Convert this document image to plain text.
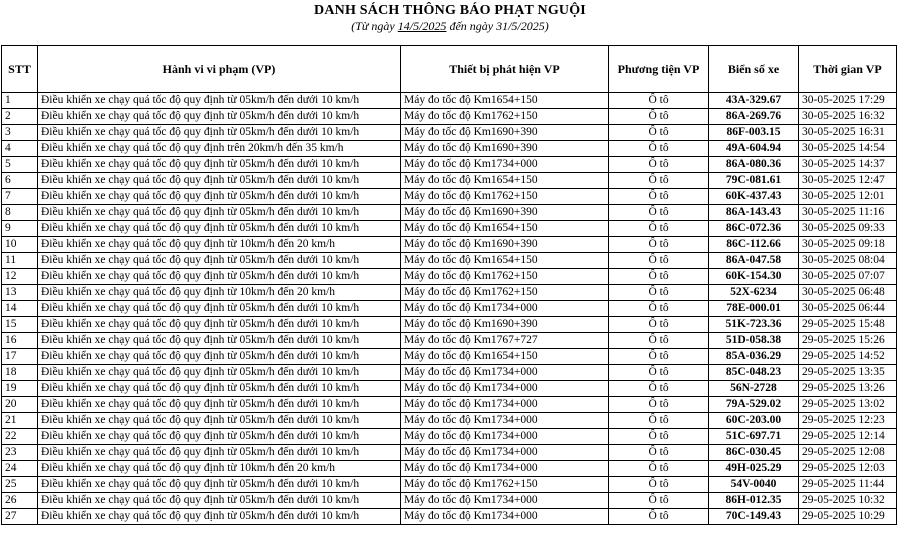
DANH SÁCH THÔNG BÁO PHẠT NGUỘI
(Từ ngày 14/5/2025 đến ngày 31/5/2025)
STT	Hành vi vi phạm (VP)	Thiết bị phát hiện VP	Phương tiện VP	Biển số xe	Thời gian VP
1	Điều khiển xe chạy quá tốc độ quy định từ 05km/h đến dưới 10 km/h	Máy đo tốc độ Km1654+150	Ô tô	43A-329.67	30-05-2025 17:29
2	Điều khiển xe chạy quá tốc độ quy định từ 05km/h đến dưới 10 km/h	Máy đo tốc độ Km1762+150	Ô tô	86A-269.76	30-05-2025 16:32
3	Điều khiển xe chạy quá tốc độ quy định từ 05km/h đến dưới 10 km/h	Máy đo tốc độ Km1690+390	Ô tô	86F-003.15	30-05-2025 16:31
4	Điều khiển xe chạy quá tốc độ quy định trên 20km/h đến 35 km/h	Máy đo tốc độ Km1690+390	Ô tô	49A-604.94	30-05-2025 14:54
5	Điều khiển xe chạy quá tốc độ quy định từ 05km/h đến dưới 10 km/h	Máy đo tốc độ Km1734+000	Ô tô	86A-080.36	30-05-2025 14:37
6	Điều khiển xe chạy quá tốc độ quy định từ 05km/h đến dưới 10 km/h	Máy đo tốc độ Km1654+150	Ô tô	79C-081.61	30-05-2025 12:47
7	Điều khiển xe chạy quá tốc độ quy định từ 05km/h đến dưới 10 km/h	Máy đo tốc độ Km1762+150	Ô tô	60K-437.43	30-05-2025 12:01
8	Điều khiển xe chạy quá tốc độ quy định từ 05km/h đến dưới 10 km/h	Máy đo tốc độ Km1690+390	Ô tô	86A-143.43	30-05-2025 11:16
9	Điều khiển xe chạy quá tốc độ quy định từ 05km/h đến dưới 10 km/h	Máy đo tốc độ Km1654+150	Ô tô	86C-072.36	30-05-2025 09:33
10	Điều khiển xe chạy quá tốc độ quy định từ 10km/h đến 20 km/h	Máy đo tốc độ Km1690+390	Ô tô	86C-112.66	30-05-2025 09:18
11	Điều khiển xe chạy quá tốc độ quy định từ 05km/h đến dưới 10 km/h	Máy đo tốc độ Km1654+150	Ô tô	86A-047.58	30-05-2025 08:04
12	Điều khiển xe chạy quá tốc độ quy định từ 05km/h đến dưới 10 km/h	Máy đo tốc độ Km1762+150	Ô tô	60K-154.30	30-05-2025 07:07
13	Điều khiển xe chạy quá tốc độ quy định từ 10km/h đến 20 km/h	Máy đo tốc độ Km1762+150	Ô tô	52X-6234	30-05-2025 06:48
14	Điều khiển xe chạy quá tốc độ quy định từ 05km/h đến dưới 10 km/h	Máy đo tốc độ Km1734+000	Ô tô	78E-000.01	30-05-2025 06:44
15	Điều khiển xe chạy quá tốc độ quy định từ 05km/h đến dưới 10 km/h	Máy đo tốc độ Km1690+390	Ô tô	51K-723.36	29-05-2025 15:48
16	Điều khiển xe chạy quá tốc độ quy định từ 05km/h đến dưới 10 km/h	Máy đo tốc độ Km1767+727	Ô tô	51D-058.38	29-05-2025 15:26
17	Điều khiển xe chạy quá tốc độ quy định từ 05km/h đến dưới 10 km/h	Máy đo tốc độ Km1654+150	Ô tô	85A-036.29	29-05-2025 14:52
18	Điều khiển xe chạy quá tốc độ quy định từ 05km/h đến dưới 10 km/h	Máy đo tốc độ Km1734+000	Ô tô	85C-048.23	29-05-2025 13:35
19	Điều khiển xe chạy quá tốc độ quy định từ 05km/h đến dưới 10 km/h	Máy đo tốc độ Km1734+000	Ô tô	56N-2728	29-05-2025 13:26
20	Điều khiển xe chạy quá tốc độ quy định từ 05km/h đến dưới 10 km/h	Máy đo tốc độ Km1734+000	Ô tô	79A-529.02	29-05-2025 13:02
21	Điều khiển xe chạy quá tốc độ quy định từ 05km/h đến dưới 10 km/h	Máy đo tốc độ Km1734+000	Ô tô	60C-203.00	29-05-2025 12:23
22	Điều khiển xe chạy quá tốc độ quy định từ 05km/h đến dưới 10 km/h	Máy đo tốc độ Km1734+000	Ô tô	51C-697.71	29-05-2025 12:14
23	Điều khiển xe chạy quá tốc độ quy định từ 05km/h đến dưới 10 km/h	Máy đo tốc độ Km1734+000	Ô tô	86C-030.45	29-05-2025 12:08
24	Điều khiển xe chạy quá tốc độ quy định từ 10km/h đến 20 km/h	Máy đo tốc độ Km1734+000	Ô tô	49H-025.29	29-05-2025 12:03
25	Điều khiển xe chạy quá tốc độ quy định từ 05km/h đến dưới 10 km/h	Máy đo tốc độ Km1762+150	Ô tô	54V-0040	29-05-2025 11:44
26	Điều khiển xe chạy quá tốc độ quy định từ 05km/h đến dưới 10 km/h	Máy đo tốc độ Km1734+000	Ô tô	86H-012.35	29-05-2025 10:32
27	Điều khiển xe chạy quá tốc độ quy định từ 05km/h đến dưới 10 km/h	Máy đo tốc độ Km1734+000	Ô tô	70C-149.43	29-05-2025 10:29
